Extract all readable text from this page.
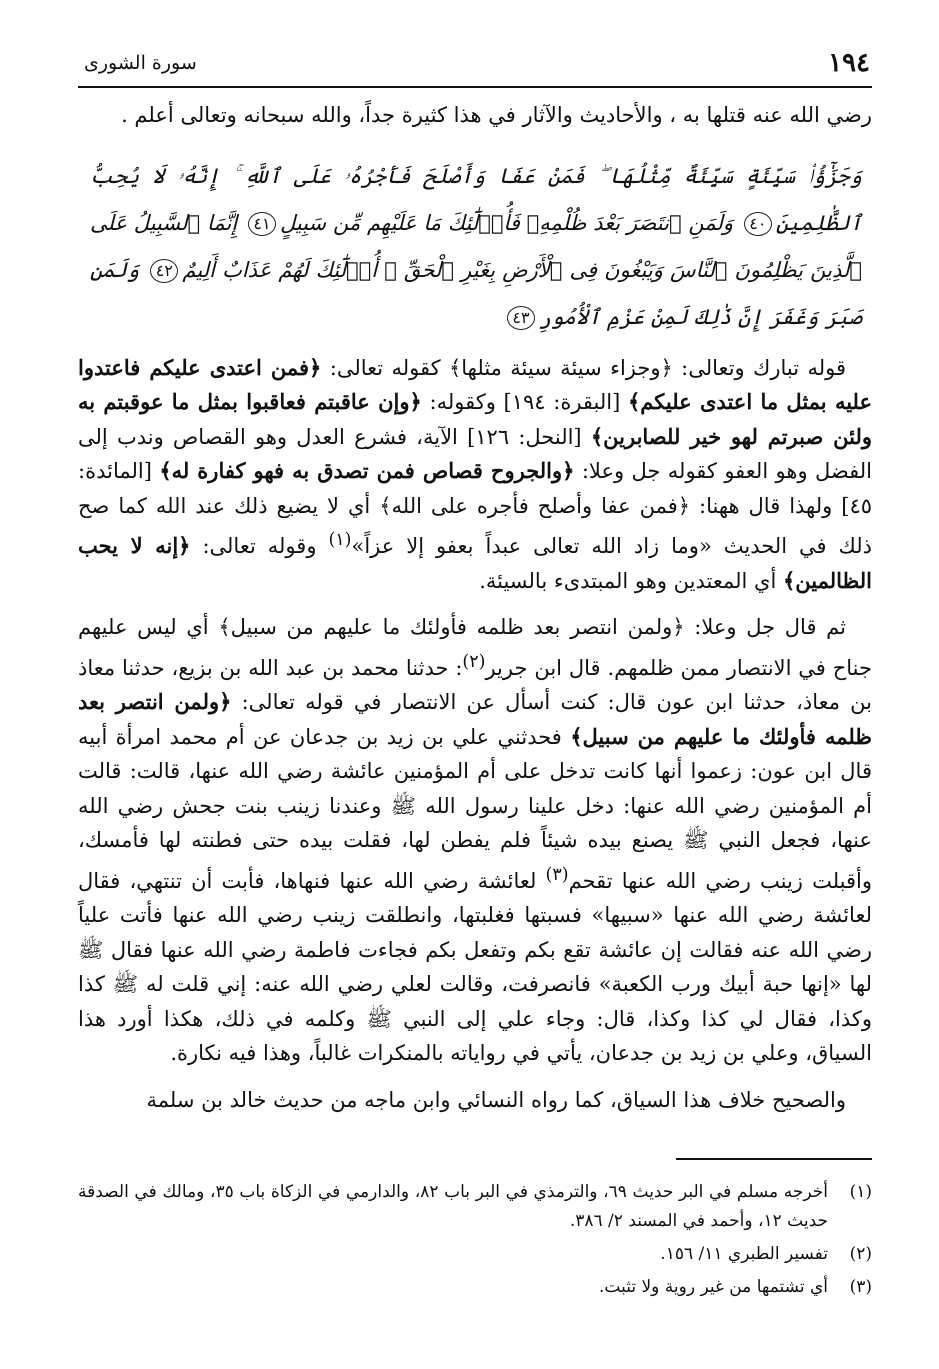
١٩٤
سورة الشورى

رضي الله عنه قتلها به ، والأحاديث والآثار في هذا كثيرة جداً، والله سبحانه وتعالى أعلم .

وَجَزَٰٓؤُا۟ سَيِّئَةٍ سَيِّئَةٌ مِّثْلُهَا ۖ فَمَنْ عَفَا وَأَصْلَحَ فَأَجْرُهُۥ عَلَى ٱللَّهِ ۚ إِنَّهُۥ لَا يُحِبُّ ٱلظَّٰلِمِينَ٤٠ وَلَمَنِ ٱنتَصَرَ بَعْدَ ظُلْمِهِۦ فَأُو۟لَٰٓئِكَ مَا عَلَيْهِم مِّن سَبِيلٍ٤١ إِنَّمَا ٱلسَّبِيلُ عَلَى ٱلَّذِينَ يَظْلِمُونَ ٱلنَّاسَ وَيَبْغُونَ فِى ٱلْأَرْضِ بِغَيْرِ ٱلْحَقِّ ۚ أُو۟لَٰٓئِكَ لَهُمْ عَذَابٌ أَلِيمٌ٤٢ وَلَمَن صَبَرَ وَغَفَرَ إِنَّ ذَٰلِكَ لَمِنْ عَزْمِ ٱلْأُمُورِ٤٣

قوله تبارك وتعالى: ﴿وجزاء سيئة سيئة مثلها﴾ كقوله تعالى: ﴿فمن اعتدى عليكم فاعتدوا عليه بمثل ما اعتدى عليكم﴾ [البقرة: ١٩٤] وكقوله: ﴿وإن عاقبتم فعاقبوا بمثل ما عوقبتم به ولئن صبرتم لهو خير للصابرين﴾ [النحل: ١٢٦] الآية، فشرع العدل وهو القصاص وندب إلى الفضل وهو العفو كقوله جل وعلا: ﴿والجروح قصاص فمن تصدق به فهو كفارة له﴾ [المائدة: ٤٥] ولهذا قال ههنا: ﴿فمن عفا وأصلح فأجره على الله﴾ أي لا يضيع ذلك عند الله كما صح ذلك في الحديث «وما زاد الله تعالى عبداً بعفو إلا عزاً»$^{(١)}$ وقوله تعالى: ﴿إنه لا يحب الظالمين﴾ أي المعتدين وهو المبتدىء بالسيئة.

ثم قال جل وعلا: ﴿ولمن انتصر بعد ظلمه فأولئك ما عليهم من سبيل﴾ أي ليس عليهم جناح في الانتصار ممن ظلمهم. قال ابن جرير$^{(٢)}$: حدثنا محمد بن عبد الله بن بزيع، حدثنا معاذ بن معاذ، حدثنا ابن عون قال: كنت أسأل عن الانتصار في قوله تعالى: ﴿ولمن انتصر بعد ظلمه فأولئك ما عليهم من سبيل﴾ فحدثني علي بن زيد بن جدعان عن أم محمد امرأة أبيه قال ابن عون: زعموا أنها كانت تدخل على أم المؤمنين عائشة رضي الله عنها، قالت: قالت أم المؤمنين رضي الله عنها: دخل علينا رسول الله ﷺ وعندنا زينب بنت جحش رضي الله عنها، فجعل النبي ﷺ يصنع بيده شيئاً فلم يفطن لها، فقلت بيده حتى فطنته لها فأمسك، وأقبلت زينب رضي الله عنها تقحم$^{(٣)}$ لعائشة رضي الله عنها فنهاها، فأبت أن تنتهي، فقال لعائشة رضي الله عنها «سبيها» فسبتها فغلبتها، وانطلقت زينب رضي الله عنها فأتت علياً رضي الله عنه فقالت إن عائشة تقع بكم وتفعل بكم فجاءت فاطمة رضي الله عنها فقال ﷺ لها «إنها حبة أبيك ورب الكعبة» فانصرفت، وقالت لعلي رضي الله عنه: إني قلت له ﷺ كذا وكذا، فقال لي كذا وكذا، قال: وجاء علي إلى النبي ﷺ وكلمه في ذلك، هكذا أورد هذا السياق، وعلي بن زيد بن جدعان، يأتي في رواياته بالمنكرات غالباً، وهذا فيه نكارة.

والصحيح خلاف هذا السياق، كما رواه النسائي وابن ماجه من حديث خالد بن سلمة

(١)
أخرجه مسلم في البر حديث ٦٩، والترمذي في البر باب ٨٢، والدارمي في الزكاة باب ٣٥، ومالك في الصدقة حديث ١٢، وأحمد في المسند ٢/ ٣٨٦.
(٢)
تفسير الطبري ١١/ ١٥٦.
(٣)
أي تشتمها من غير روية ولا تثبت.
